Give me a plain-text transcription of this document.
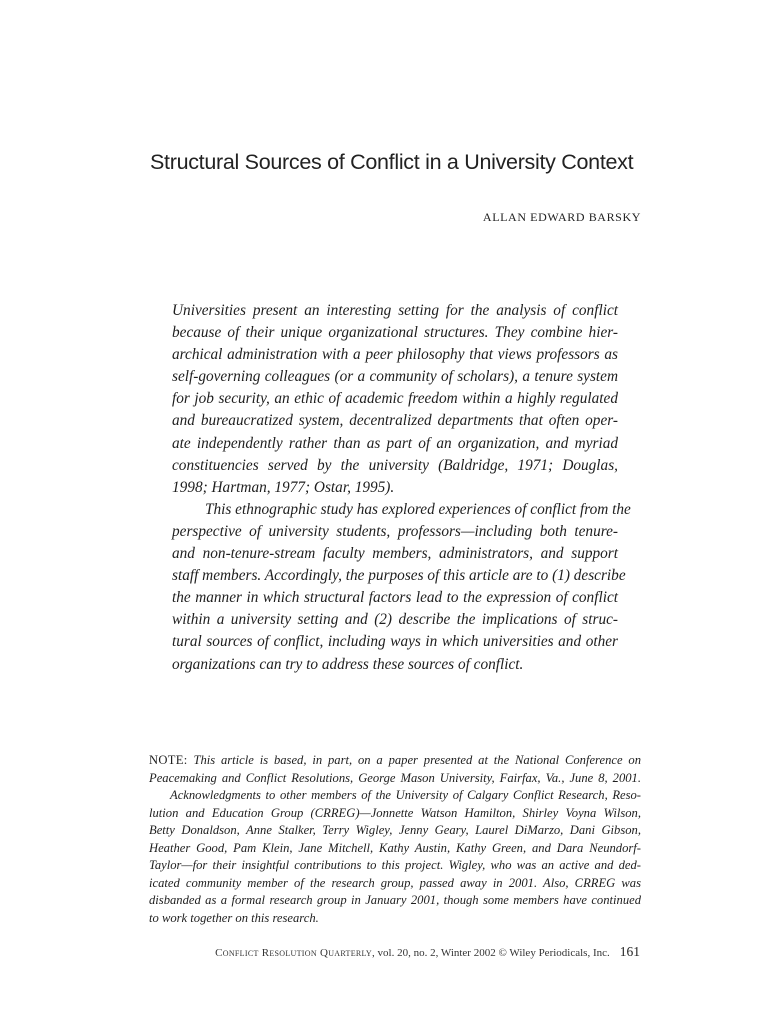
Structural Sources of Conflict in a University Context
ALLAN EDWARD BARSKY
Universities present an interesting setting for the analysis of conflict
because of their unique organizational structures. They combine hier-
archical administration with a peer philosophy that views professors as
self-governing colleagues (or a community of scholars), a tenure system
for job security, an ethic of academic freedom within a highly regulated
and bureaucratized system, decentralized departments that often oper-
ate independently rather than as part of an organization, and myriad
constituencies served by the university (Baldridge, 1971; Douglas,
1998; Hartman, 1977; Ostar, 1995).
This ethnographic study has explored experiences of conflict from the
perspective of university students, professors—including both tenure-
and non-tenure-stream faculty members, administrators, and support
staff members. Accordingly, the purposes of this article are to (1) describe
the manner in which structural factors lead to the expression of conflict
within a university setting and (2) describe the implications of struc-
tural sources of conflict, including ways in which universities and other
organizations can try to address these sources of conflict.
NOTE: This article is based, in part, on a paper presented at the National Conference on
Peacemaking and Conflict Resolutions, George Mason University, Fairfax, Va., June 8, 2001.
Acknowledgments to other members of the University of Calgary Conflict Research, Reso-
lution and Education Group (CRREG)—Jonnette Watson Hamilton, Shirley Voyna Wilson,
Betty Donaldson, Anne Stalker, Terry Wigley, Jenny Geary, Laurel DiMarzo, Dani Gibson,
Heather Good, Pam Klein, Jane Mitchell, Kathy Austin, Kathy Green, and Dara Neundorf-
Taylor—for their insightful contributions to this project. Wigley, who was an active and ded-
icated community member of the research group, passed away in 2001. Also, CRREG was
disbanded as a formal research group in January 2001, though some members have continued
to work together on this research.
Conflict Resolution Quarterly, vol. 20, no. 2, Winter 2002 © Wiley Periodicals, Inc. 161
